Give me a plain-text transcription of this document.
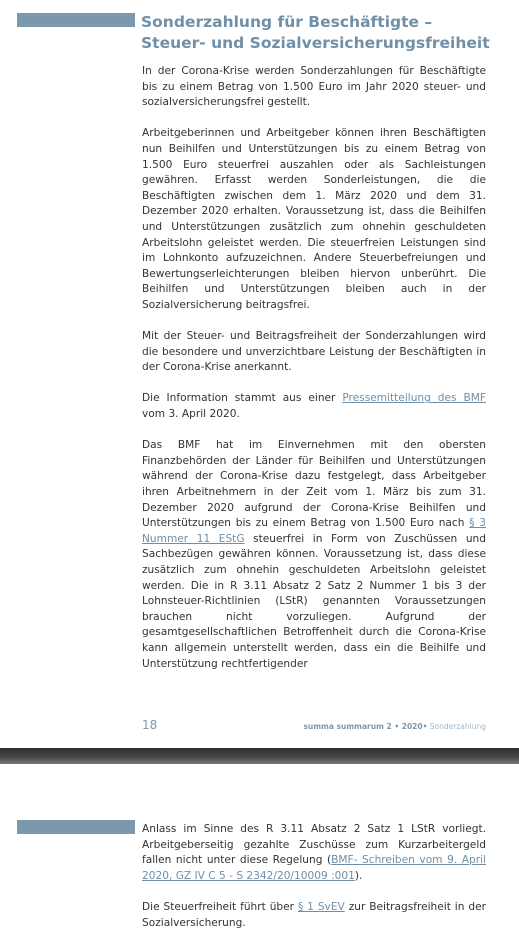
Sonderzahlung für Beschäftigte – Steuer- und Sozialversicherungsfreiheit

In der Corona-Krise werden Sonderzahlungen für Beschäftigte bis zu einem Betrag von 1.500 Euro im Jahr 2020 steuer- und sozialversicherungsfrei gestellt.

Arbeitgeberinnen und Arbeitgeber können ihren Beschäftigten nun Beihilfen und Unterstützungen bis zu einem Betrag von 1.500 Euro steuerfrei auszahlen oder als Sachleistungen gewähren. Erfasst werden Sonderleistungen, die die Beschäftigten zwischen dem 1. März 2020 und dem 31. Dezember 2020 erhalten. Voraussetzung ist, dass die Beihilfen und Unterstützungen zusätzlich zum ohnehin geschuldeten Arbeitslohn geleistet werden. Die steuerfreien Leistungen sind im Lohnkonto aufzuzeichnen. Andere Steuerbefreiungen und Bewertungserleichterungen bleiben hiervon unberührt. Die Beihilfen und Unterstützungen bleiben auch in der Sozialversicherung beitragsfrei.

Mit der Steuer- und Beitragsfreiheit der Sonderzahlungen wird die besondere und unverzichtbare Leistung der Beschäftigten in der Corona-Krise anerkannt.

Die Information stammt aus einer Pressemitteilung des BMF vom 3. April 2020.

Das BMF hat im Einvernehmen mit den obersten Finanzbehörden der Länder für Beihilfen und Unterstützungen während der Corona-Krise dazu festgelegt, dass Arbeitgeber ihren Arbeitnehmern in der Zeit vom 1. März bis zum 31. Dezember 2020 aufgrund der Corona-Krise Beihilfen und Unterstützungen bis zu einem Betrag von 1.500 Euro nach § 3 Nummer 11 EStG steuerfrei in Form von Zuschüssen und Sachbezügen gewähren können. Voraussetzung ist, dass diese zusätzlich zum ohnehin geschuldeten Arbeitslohn geleistet werden. Die in R 3.11 Absatz 2 Satz 2 Nummer 1 bis 3 der Lohnsteuer-Richtlinien (LStR) genannten Voraussetzungen brauchen nicht vorzuliegen. Aufgrund der gesamtgesellschaftlichen Betroffenheit durch die Corona-Krise kann allgemein unterstellt werden, dass ein die Beihilfe und Unterstützung rechtfertigender

18	summa summarum 2 • 2020• Sonderzahlung

Anlass im Sinne des R 3.11 Absatz 2 Satz 1 LStR vorliegt. Arbeitgeberseitig gezahlte Zuschüsse zum Kurzarbeitergeld fallen nicht unter diese Regelung (BMF- Schreiben vom 9. April 2020, GZ IV C 5 - S 2342/20/10009 :001).

Die Steuerfreiheit führt über § 1 SvEV zur Beitragsfreiheit in der Sozialversicherung.
